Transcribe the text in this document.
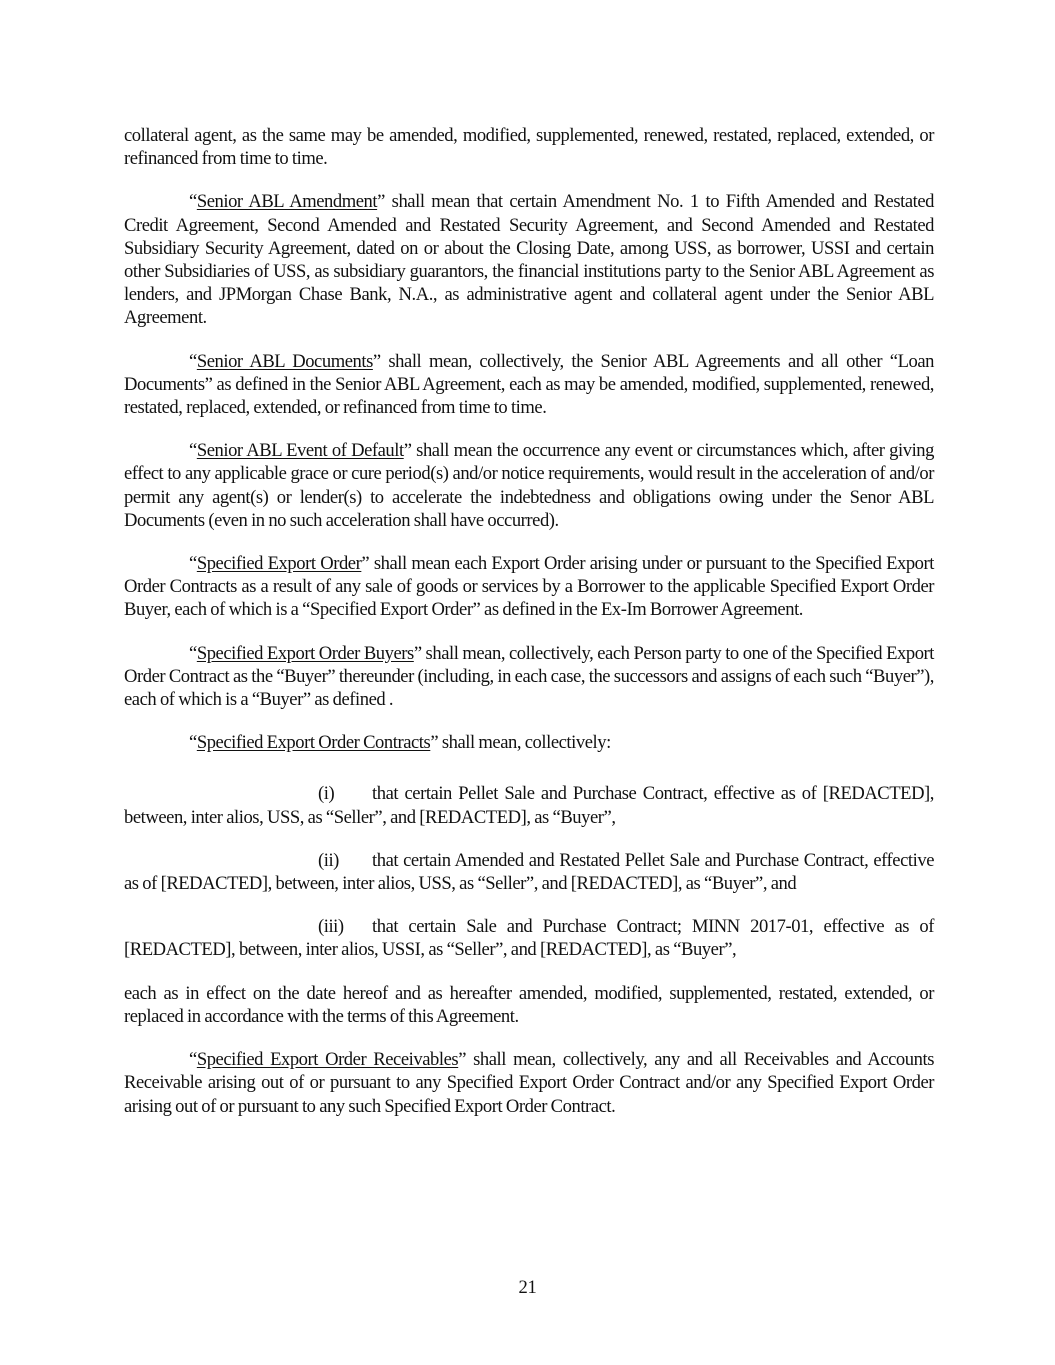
collateral agent, as the same may be amended, modified, supplemented, renewed, restated, replaced, extended, or refinanced from time to time.

“Senior ABL Amendment” shall mean that certain Amendment No. 1 to Fifth Amended and Restated Credit Agreement, Second Amended and Restated Security Agreement, and Second Amended and Restated Subsidiary Security Agreement, dated on or about the Closing Date, among USS, as borrower, USSI and certain other Subsidiaries of USS, as subsidiary guarantors, the financial institutions party to the Senior ABL Agreement as lenders, and JPMorgan Chase Bank, N.A., as administrative agent and collateral agent under the Senior ABL Agreement.

“Senior ABL Documents” shall mean, collectively, the Senior ABL Agreements and all other “Loan Documents” as defined in the Senior ABL Agreement, each as may be amended, modified, supplemented, renewed, restated, replaced, extended, or refinanced from time to time.

“Senior ABL Event of Default” shall mean the occurrence any event or circumstances which, after giving effect to any applicable grace or cure period(s) and/or notice requirements, would result in the acceleration of and/or permit any agent(s) or lender(s) to accelerate the indebtedness and obligations owing under the Senor ABL Documents (even in no such acceleration shall have occurred).

“Specified Export Order” shall mean each Export Order arising under or pursuant to the Specified Export Order Contracts as a result of any sale of goods or services by a Borrower to the applicable Specified Export Order Buyer, each of which is a “Specified Export Order” as defined in the Ex-Im Borrower Agreement.

“Specified Export Order Buyers” shall mean, collectively, each Person party to one of the Specified Export Order Contract as the “Buyer” thereunder (including, in each case, the successors and assigns of each such “Buyer”), each of which is a “Buyer” as defined .

“Specified Export Order Contracts” shall mean, collectively:

(i) that certain Pellet Sale and Purchase Contract, effective as of [REDACTED], between, inter alios, USS, as “Seller”, and [REDACTED], as “Buyer”,

(ii) that certain Amended and Restated Pellet Sale and Purchase Contract, effective as of [REDACTED], between, inter alios, USS, as “Seller”, and [REDACTED], as “Buyer”, and

(iii) that certain Sale and Purchase Contract; MINN 2017-01, effective as of [REDACTED], between, inter alios, USSI, as “Seller”, and [REDACTED], as “Buyer”,

each as in effect on the date hereof and as hereafter amended, modified, supplemented, restated, extended, or replaced in accordance with the terms of this Agreement.

“Specified Export Order Receivables” shall mean, collectively, any and all Receivables and Accounts Receivable arising out of or pursuant to any Specified Export Order Contract and/or any Specified Export Order arising out of or pursuant to any such Specified Export Order Contract.

21
